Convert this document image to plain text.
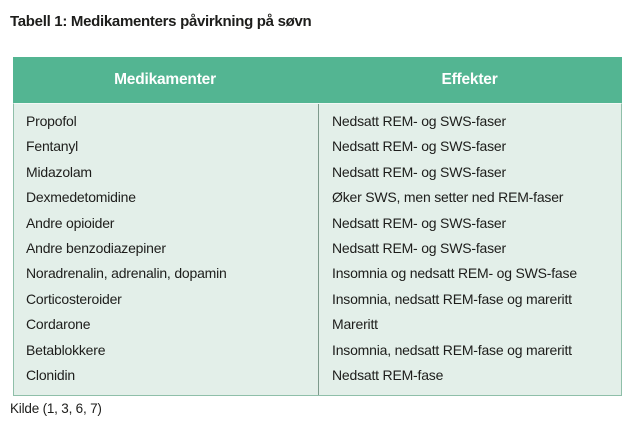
Tabell 1: Medikamenters påvirkning på søvn
Medikamenter	Effekter
Propofol	Nedsatt REM- og SWS-faser
Fentanyl	Nedsatt REM- og SWS-faser
Midazolam	Nedsatt REM- og SWS-faser
Dexmedetomidine	Øker SWS, men setter ned REM-faser
Andre opioider	Nedsatt REM- og SWS-faser
Andre benzodiazepiner	Nedsatt REM- og SWS-faser
Noradrenalin, adrenalin, dopamin	Insomnia og nedsatt REM- og SWS-fase
Corticosteroider	Insomnia, nedsatt REM-fase og mareritt
Cordarone	Mareritt
Betablokkere	Insomnia, nedsatt REM-fase og mareritt
Clonidin	Nedsatt REM-fase
Kilde (1, 3, 6, 7)
